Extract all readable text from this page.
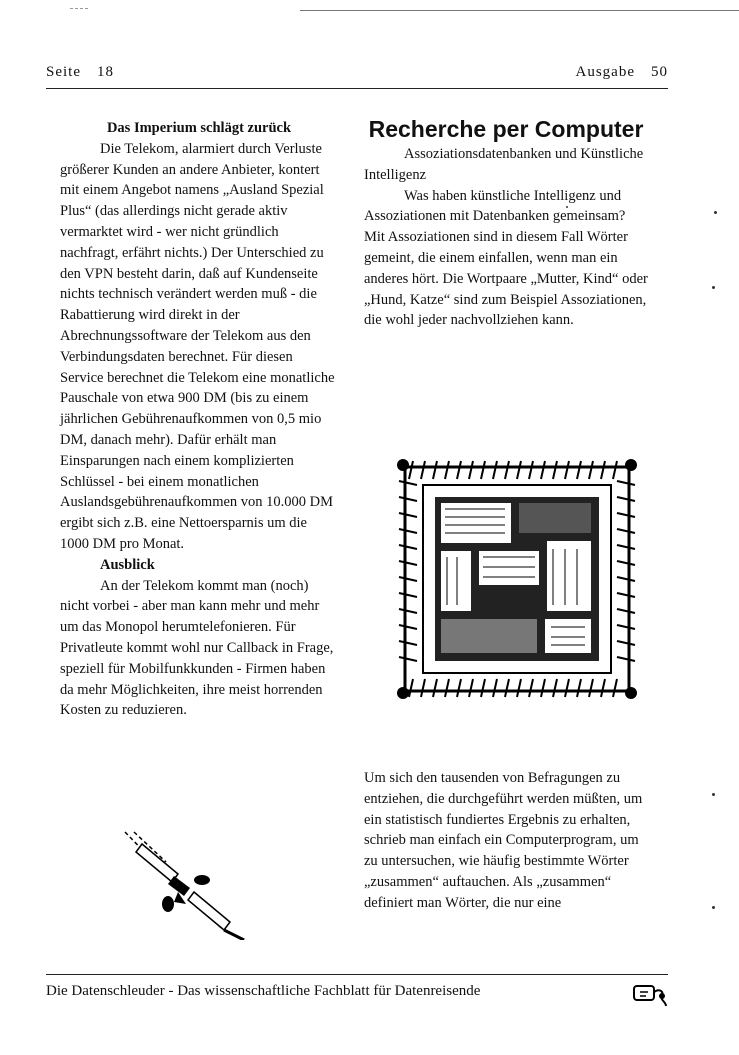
Seite 18	Ausgabe 50

Das Imperium schlägt zurück

Die Telekom, alarmiert durch Verluste größerer Kunden an andere Anbieter, kontert mit einem Angebot namens „Ausland Spezial Plus“ (das allerdings nicht gerade aktiv vermarktet wird - wer nicht gründlich nachfragt, erfährt nichts.) Der Unterschied zu den VPN besteht darin, daß auf Kundenseite nichts technisch verändert werden muß - die Rabattierung wird direkt in der Abrechnungssoftware der Telekom aus den Verbindungsdaten berechnet. Für diesen Service berechnet die Telekom eine monatliche Pauschale von etwa 900 DM (bis zu einem jährlichen Gebührenaufkommen von 0,5 mio DM, danach mehr). Dafür erhält man Einsparungen nach einem komplizierten Schlüssel - bei einem monatlichen Auslandsgebührenaufkommen von 10.000 DM ergibt sich z.B. eine Nettoersparnis um die 1000 DM pro Monat.

Ausblick

An der Telekom kommt man (noch) nicht vorbei - aber man kann mehr und mehr um das Monopol herumtelefonieren. Für Privatleute kommt wohl nur Callback in Frage, speziell für Mobilfunkkunden - Firmen haben da mehr Möglichkeiten, ihre meist horrenden Kosten zu reduzieren.

Recherche per Computer

Assoziationsdatenbanken und Künstliche Intelligenz

Was haben künstliche Intelligenz und Assoziationen mit Datenbanken gemeinsam? Mit Assoziationen sind in diesem Fall Wörter gemeint, die einem einfallen, wenn man ein anderes hört. Die Wortpaare „Mutter, Kind“ oder „Hund, Katze“ sind zum Beispiel Assoziationen, die wohl jeder nachvollziehen kann.

Um sich den tausenden von Befragungen zu entziehen, die durchgeführt werden müßten, um ein statistisch fundiertes Ergebnis zu erhalten, schrieb man einfach ein Computerprogram, um zu untersuchen, wie häufig bestimmte Wörter „zusammen“ auftauchen. Als „zusammen“ definiert man Wörter, die nur eine

Die Datenschleuder - Das wissenschaftliche Fachblatt für Datenreisende
